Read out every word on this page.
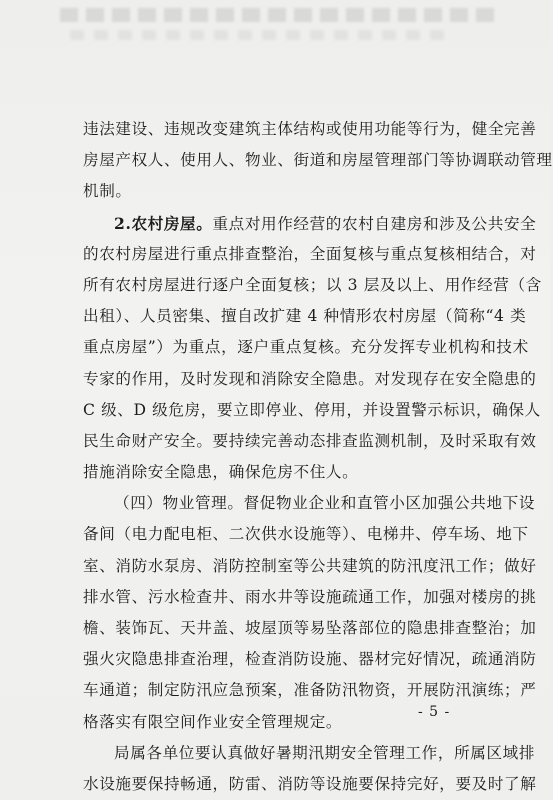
违法建设、违规改变建筑主体结构或使用功能等行为，健全完善
房屋产权人、使用人、物业、街道和房屋管理部门等协调联动管理
机制。
2.农村房屋。重点对用作经营的农村自建房和涉及公共安全
的农村房屋进行重点排查整治，全面复核与重点复核相结合，对
所有农村房屋进行逐户全面复核；以 3 层及以上、用作经营（含
出租）、人员密集、擅自改扩建 4 种情形农村房屋（简称“4 类
重点房屋”）为重点，逐户重点复核。充分发挥专业机构和技术
专家的作用，及时发现和消除安全隐患。对发现存在安全隐患的
C 级、D 级危房，要立即停业、停用，并设置警示标识，确保人
民生命财产安全。要持续完善动态排查监测机制，及时采取有效
措施消除安全隐患，确保危房不住人。
（四）物业管理。督促物业企业和直管小区加强公共地下设
备间（电力配电柜、二次供水设施等）、电梯井、停车场、地下
室、消防水泵房、消防控制室等公共建筑的防汛度汛工作；做好
排水管、污水检查井、雨水井等设施疏通工作，加强对楼房的挑
檐、装饰瓦、天井盖、坡屋顶等易坠落部位的隐患排查整治；加
强火灾隐患排查治理，检查消防设施、器材完好情况，疏通消防
车通道；制定防汛应急预案，准备防汛物资，开展防汛演练；严
格落实有限空间作业安全管理规定。
局属各单位要认真做好暑期汛期安全管理工作，所属区域排
水设施要保持畅通，防雷、消防等设施要保持完好，要及时了解
- 5 -
